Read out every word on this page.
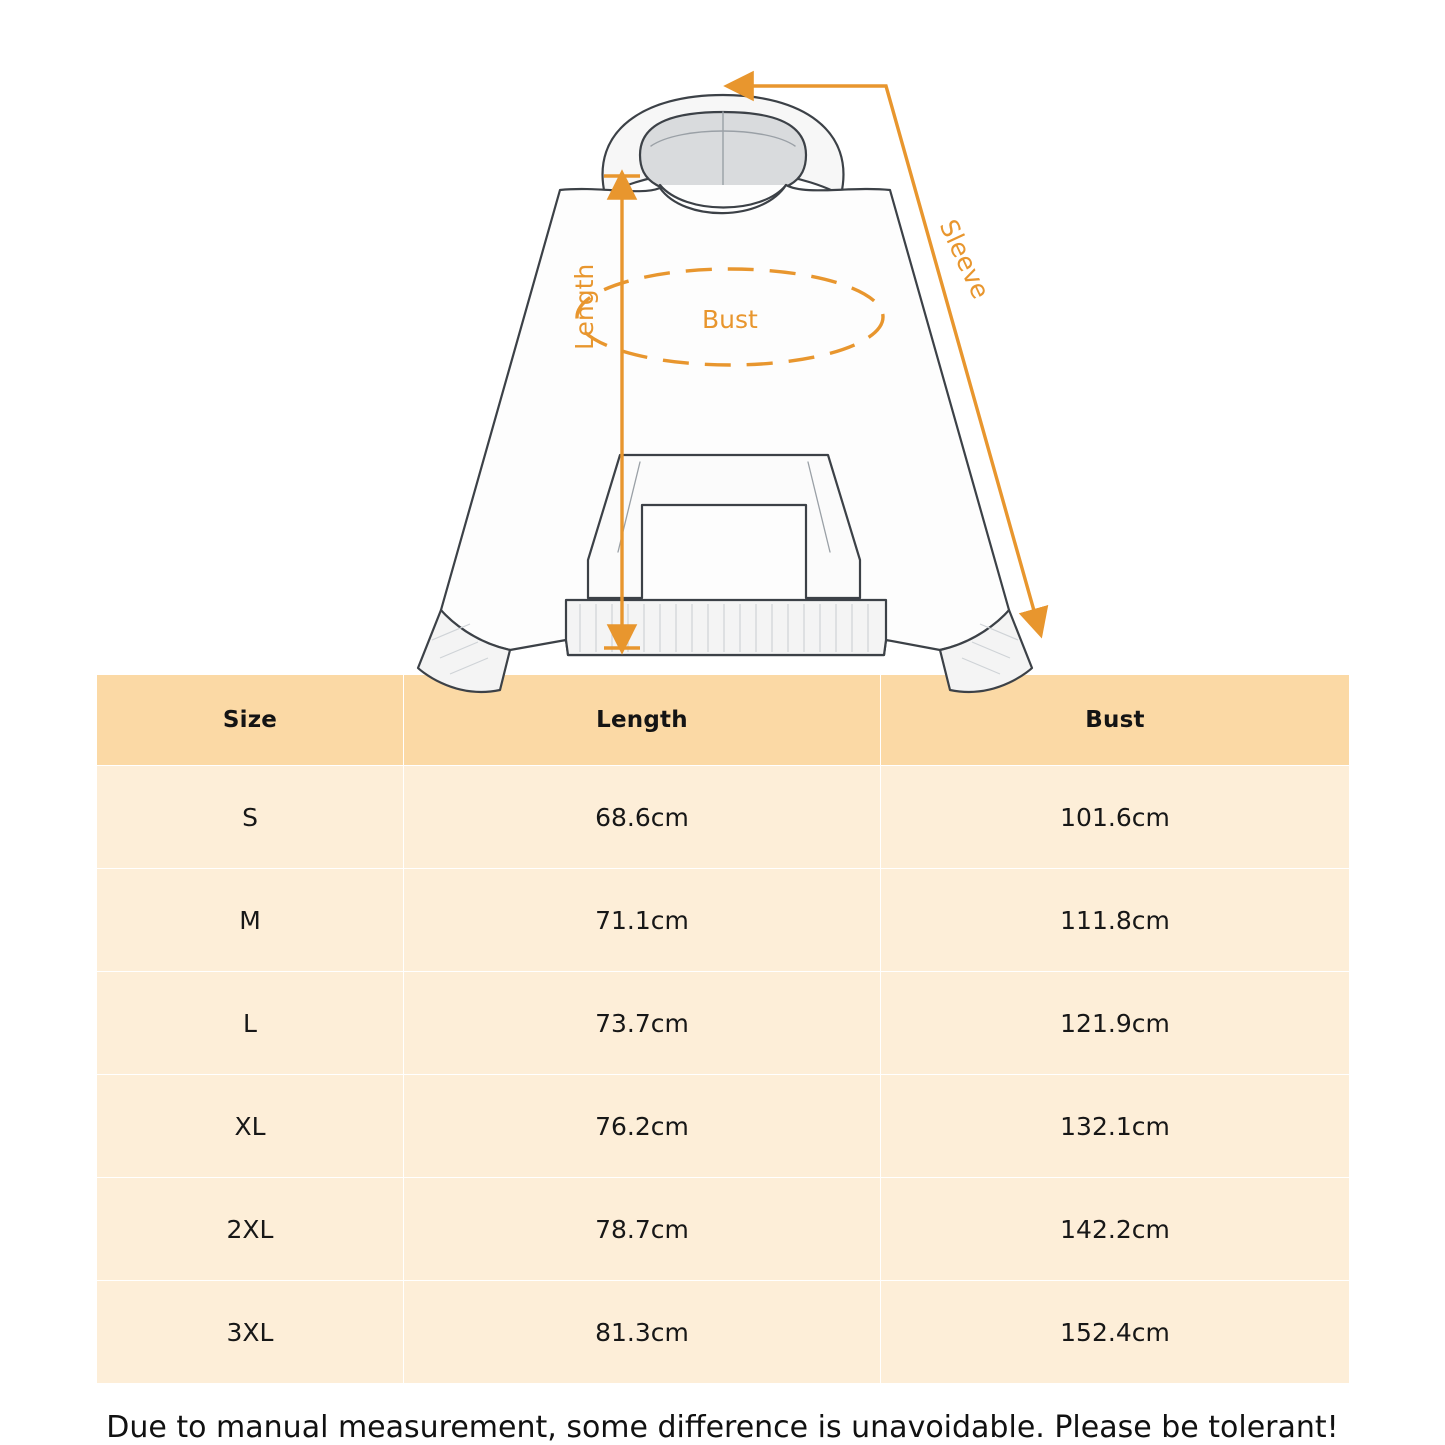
Bust
Length
Sleeve
Size	Length	Bust
S	68.6cm	101.6cm
M	71.1cm	111.8cm
L	73.7cm	121.9cm
XL	76.2cm	132.1cm
2XL	78.7cm	142.2cm
3XL	81.3cm	152.4cm
Due to manual measurement, some difference is unavoidable. Please be tolerant!
